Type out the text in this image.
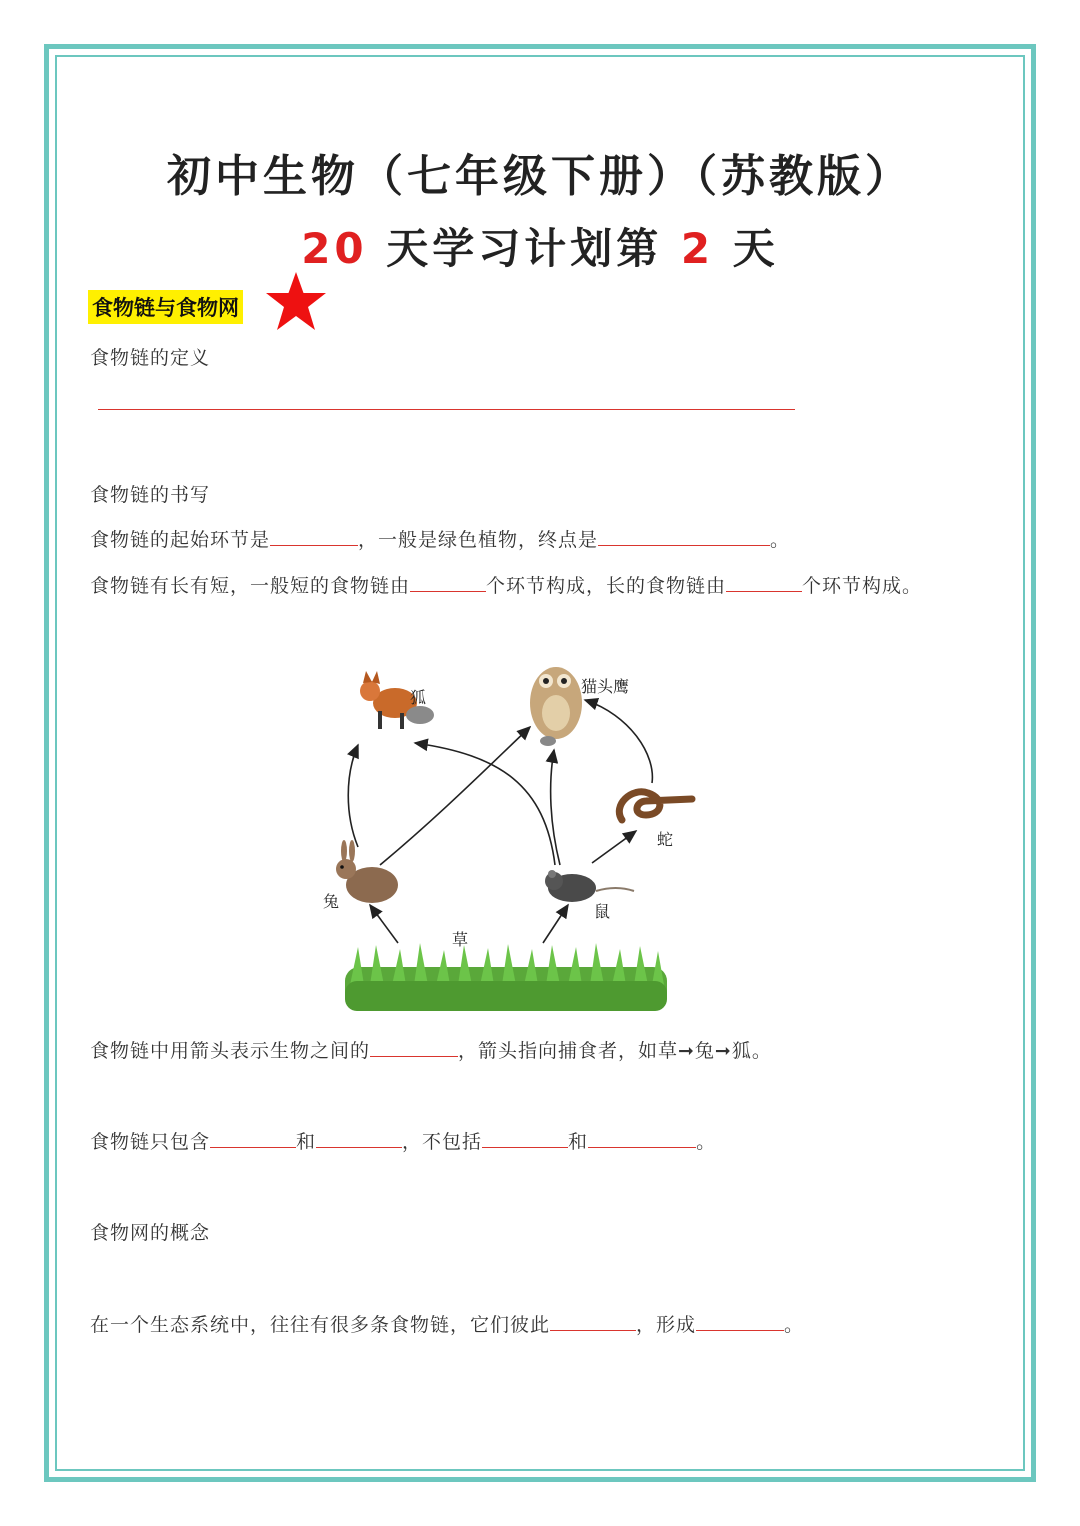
初中生物（七年级下册）（苏教版）
20 天学习计划第 2 天
食物链与食物网
食物链的定义
食物链的书写
食物链的起始环节是	，一般是绿色植物，终点是	。
食物链有长有短，一般短的食物链由	个环节构成，长的食物链由	个环节构成。
狐
猫头鹰
蛇
兔
鼠
草
食物链中用箭头表示生物之间的	，箭头指向捕食者，如草➞兔➞狐。
食物链只包含	和	，不包括	和	。
食物网的概念
在一个生态系统中，往往有很多条食物链，它们彼此	，形成	。
